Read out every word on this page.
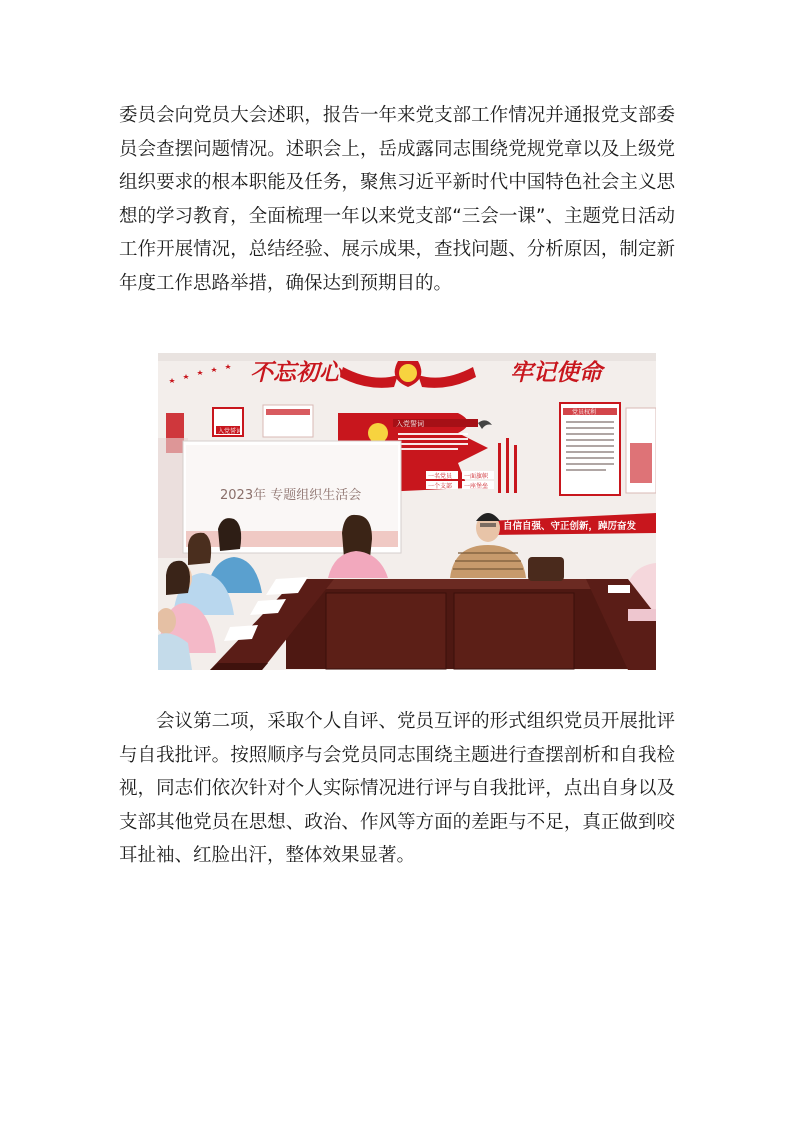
委员会向党员大会述职，报告一年来党支部工作情况并通报党支部委员会查摆问题情况。述职会上，岳成露同志围绕党规党章以及上级党组织要求的根本职能及任务，聚焦习近平新时代中国特色社会主义思想的学习教育，全面梳理一年以来党支部“三会一课”、主题党日活动工作开展情况，总结经验、展示成果，查找问题、分析原因，制定新年度工作思路举措，确保达到预期目的。

不忘初心	牢记使命
入党誓词
入党誓词
一名党员 一面旗帜
一个支部 一座堡垒
党员权利
自信自强、守正创新，踔厉奋发
2023年 专题组织生活会

会议第二项，采取个人自评、党员互评的形式组织党员开展批评与自我批评。按照顺序与会党员同志围绕主题进行查摆剖析和自我检视，同志们依次针对个人实际情况进行评与自我批评，点出自身以及支部其他党员在思想、政治、作风等方面的差距与不足，真正做到咬耳扯袖、红脸出汗，整体效果显著。
